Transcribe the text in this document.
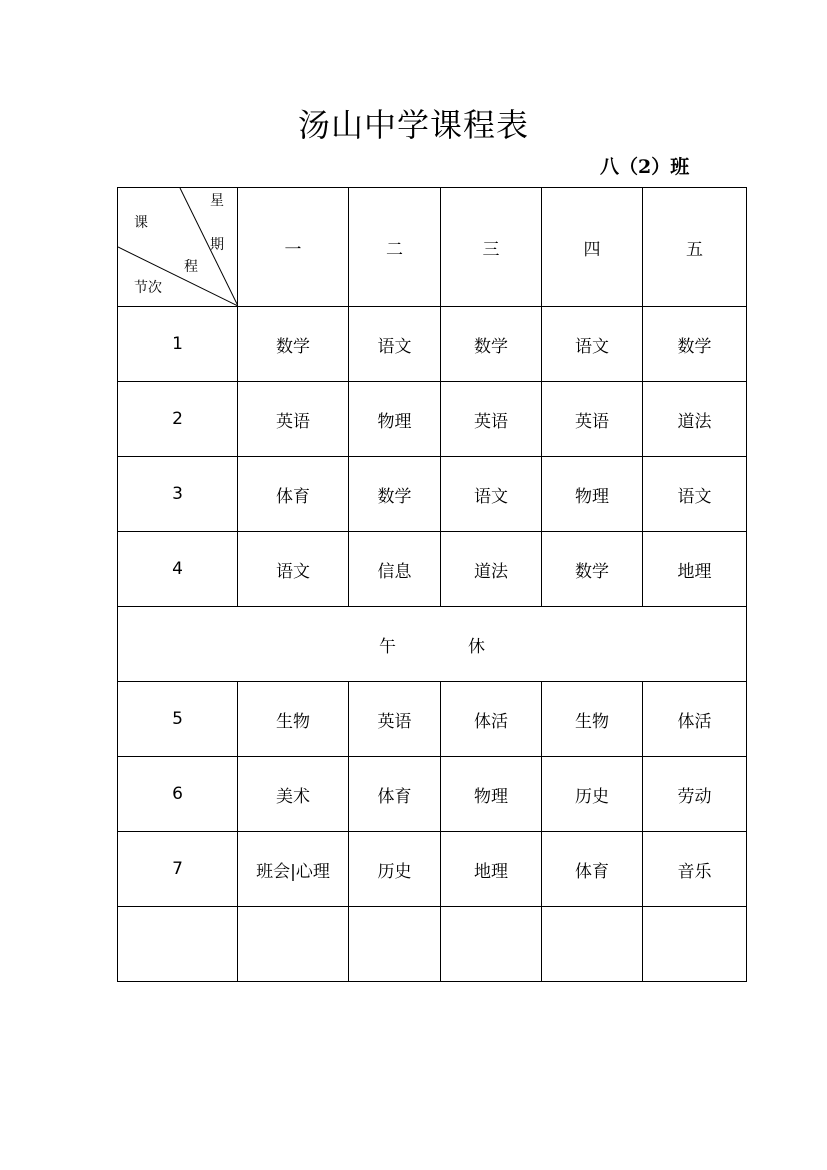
汤山中学课程表
八（2）班
星
期
课
程
节次	一	二	三	四	五
1	数学	语文	数学	语文	数学
2	英语	物理	英语	英语	道法
3	体育	数学	语文	物理	语文
4	语文	信息	道法	数学	地理
午 休					
5	生物	英语	体活	生物	体活
6	美术	体育	物理	历史	劳动
7	班会|心理	历史	地理	体育	音乐
